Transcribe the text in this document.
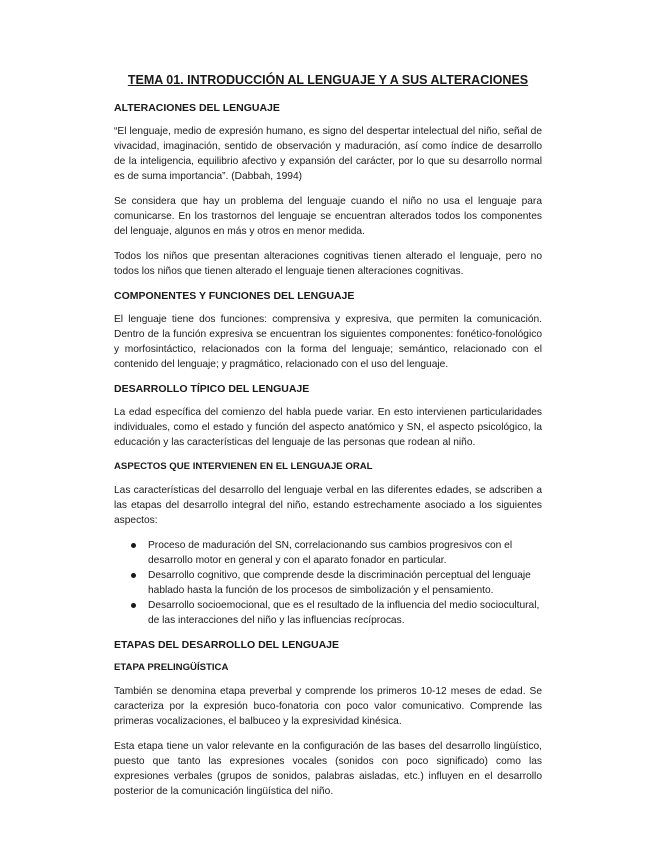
TEMA 01. INTRODUCCIÓN AL LENGUAJE Y A SUS ALTERACIONES
ALTERACIONES DEL LENGUAJE

“El lenguaje, medio de expresión humano, es signo del despertar intelectual del niño, señal de vivacidad, imaginación, sentido de observación y maduración, así como índice de desarrollo de la inteligencia, equilibrio afectivo y expansión del carácter, por lo que su desarrollo normal es de suma importancia”. (Dabbah, 1994)

Se considera que hay un problema del lenguaje cuando el niño no usa el lenguaje para comunicarse. En los trastornos del lenguaje se encuentran alterados todos los componentes del lenguaje, algunos en más y otros en menor medida.

Todos los niños que presentan alteraciones cognitivas tienen alterado el lenguaje, pero no todos los niños que tienen alterado el lenguaje tienen alteraciones cognitivas.

COMPONENTES Y FUNCIONES DEL LENGUAJE

El lenguaje tiene dos funciones: comprensiva y expresiva, que permiten la comunicación. Dentro de la función expresiva se encuentran los siguientes componentes: fonético-fonológico y morfosintáctico, relacionados con la forma del lenguaje; semántico, relacionado con el contenido del lenguaje; y pragmático, relacionado con el uso del lenguaje.

DESARROLLO TÍPICO DEL LENGUAJE

La edad específica del comienzo del habla puede variar. En esto intervienen particularidades individuales, como el estado y función del aspecto anatómico y SN, el aspecto psicológico, la educación y las características del lenguaje de las personas que rodean al niño.

ASPECTOS QUE INTERVIENEN EN EL LENGUAJE ORAL

Las características del desarrollo del lenguaje verbal en las diferentes edades, se adscriben a las etapas del desarrollo integral del niño, estando estrechamente asociado a los siguientes aspectos:

Proceso de maduración del SN, correlacionando sus cambios progresivos con el desarrollo motor en general y con el aparato fonador en particular.
Desarrollo cognitivo, que comprende desde la discriminación perceptual del lenguaje hablado hasta la función de los procesos de simbolización y el pensamiento.
Desarrollo socioemocional, que es el resultado de la influencia del medio sociocultural, de las interacciones del niño y las influencias recíprocas.
ETAPAS DEL DESARROLLO DEL LENGUAJE
ETAPA PRELINGÜÍSTICA

También se denomina etapa preverbal y comprende los primeros 10-12 meses de edad. Se caracteriza por la expresión buco-fonatoria con poco valor comunicativo. Comprende las primeras vocalizaciones, el balbuceo y la expresividad kinésica.

Esta etapa tiene un valor relevante en la configuración de las bases del desarrollo lingüístico, puesto que tanto las expresiones vocales (sonidos con poco significado) como las expresiones verbales (grupos de sonidos, palabras aisladas, etc.) influyen en el desarrollo posterior de la comunicación lingüística del niño.
